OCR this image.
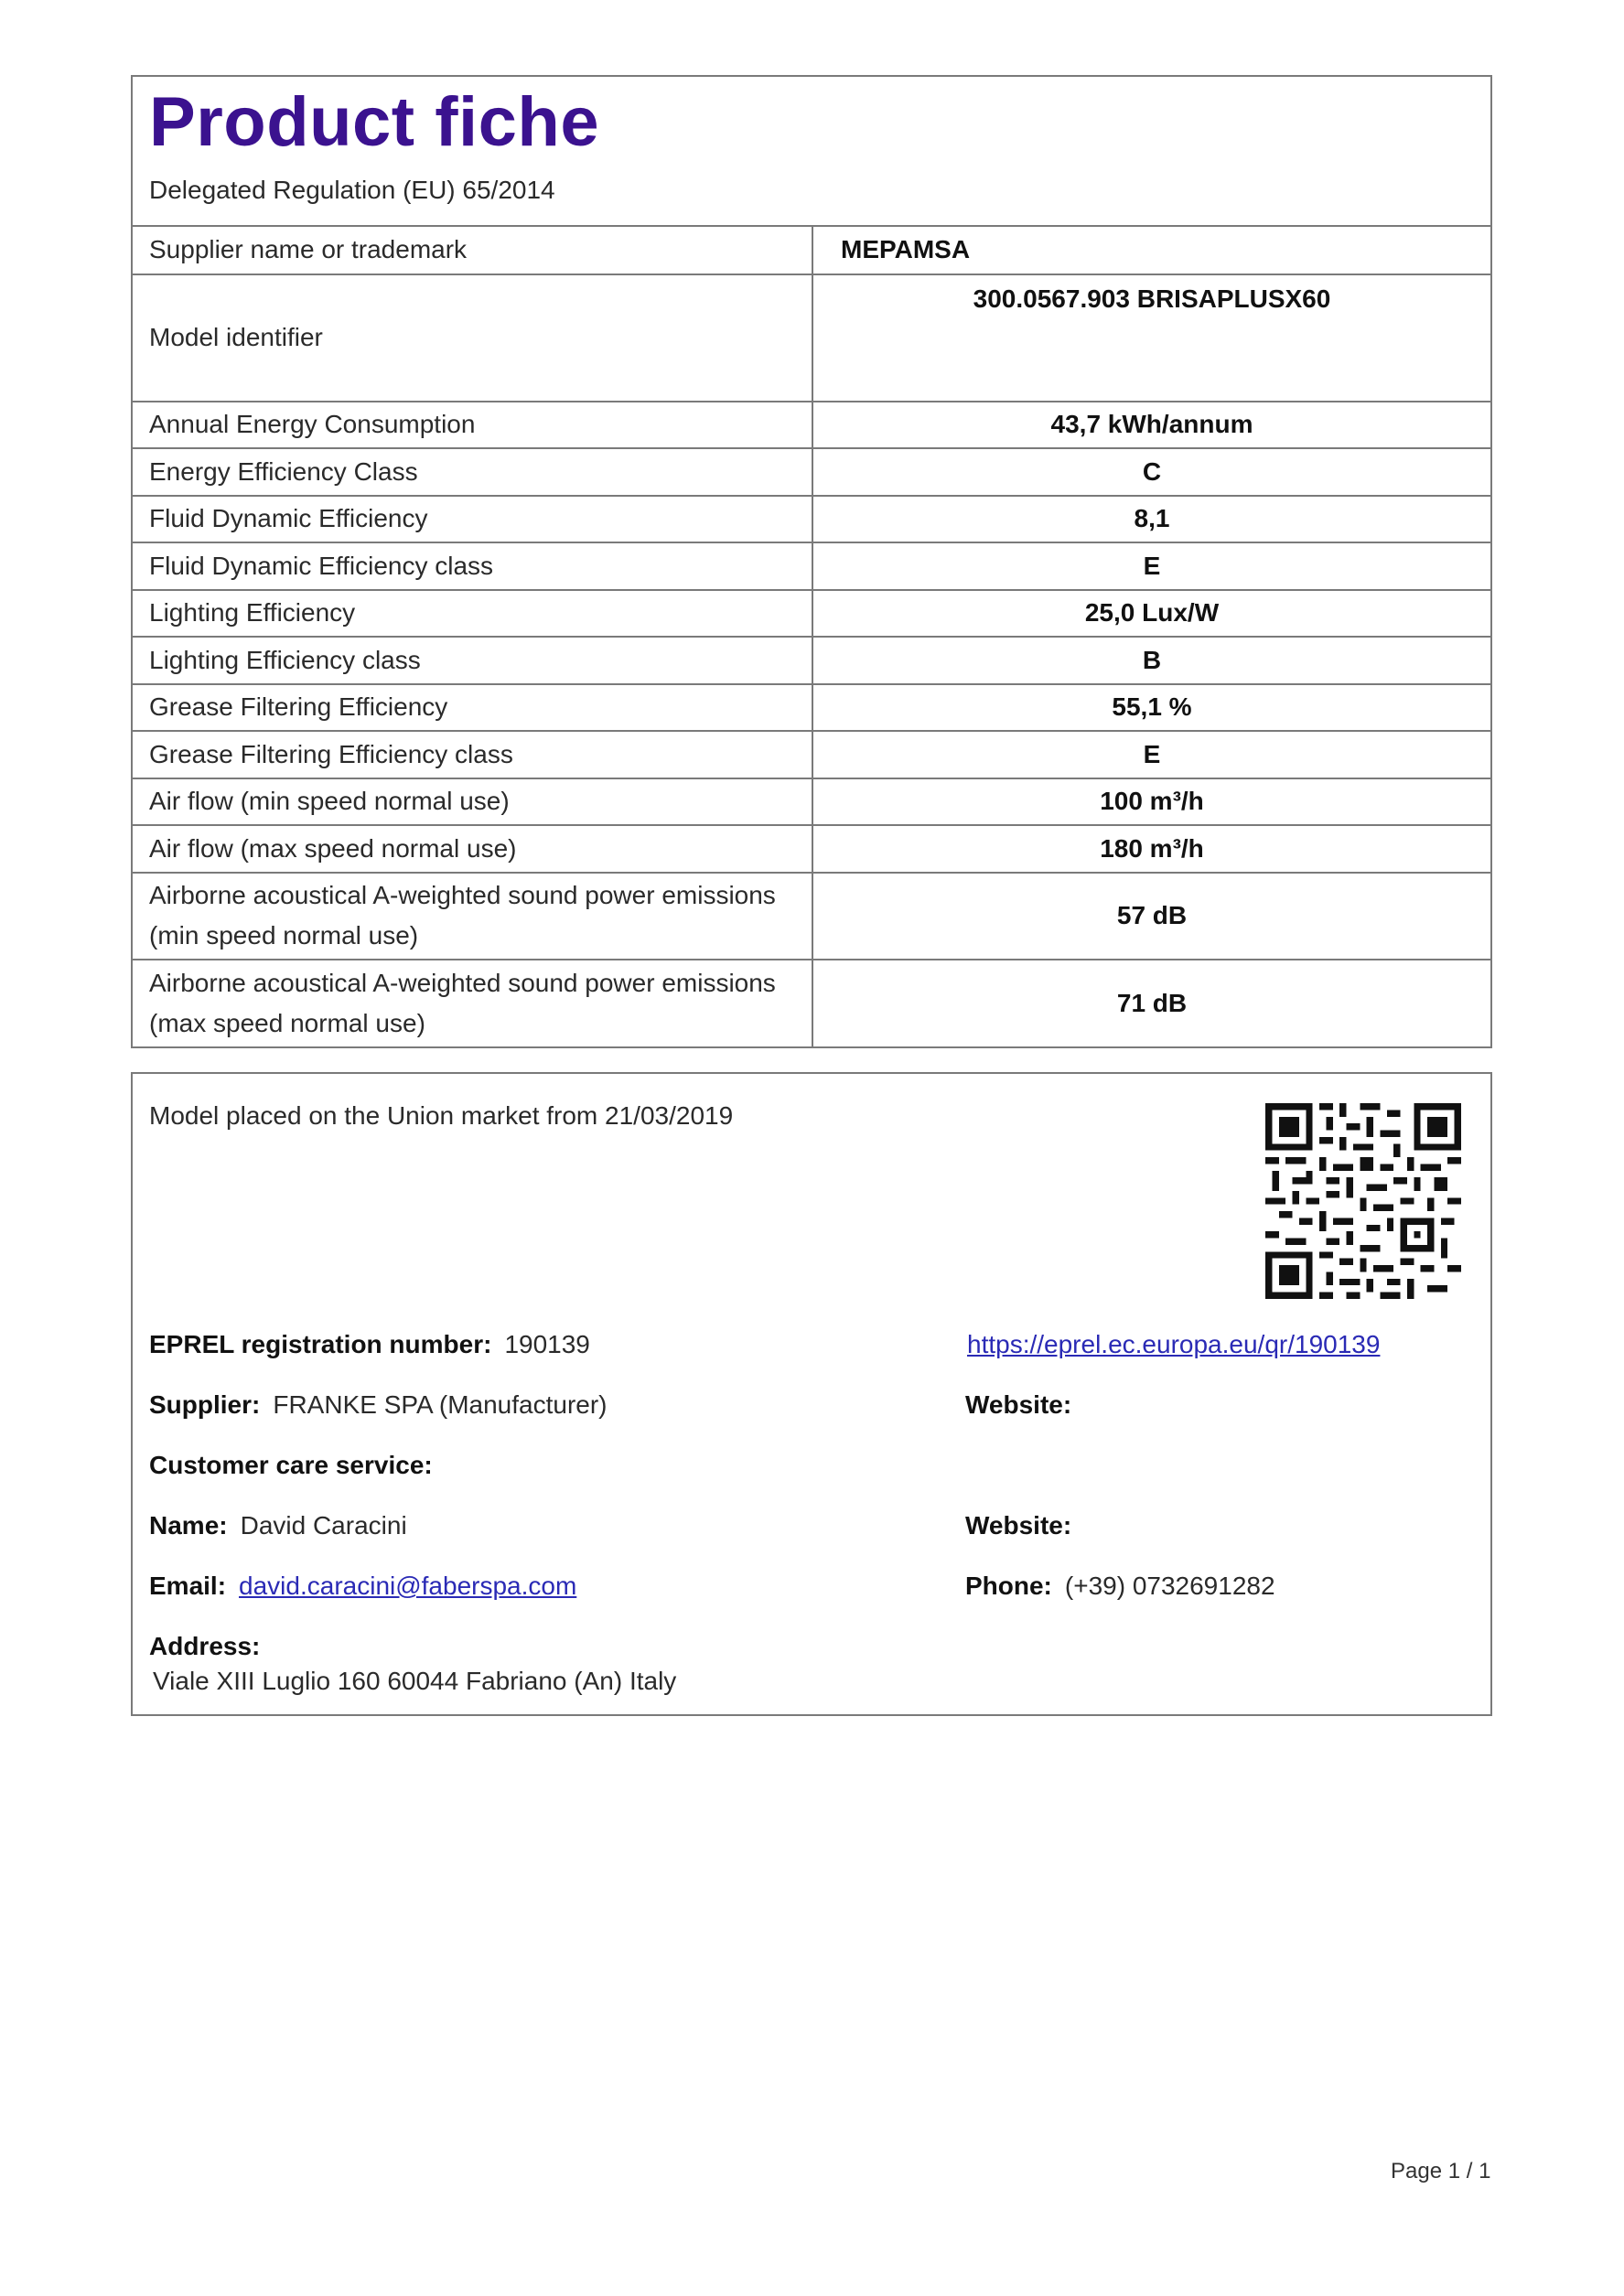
Product fiche
Delegated Regulation (EU) 65/2014
Supplier name or trademark	MEPAMSA
Model identifier	300.0567.903 BRISAPLUSX60
Annual Energy Consumption	43,7 kWh/annum
Energy Efficiency Class	C
Fluid Dynamic Efficiency	8,1
Fluid Dynamic Efficiency class	E
Lighting Efficiency	25,0 Lux/W
Lighting Efficiency class	B
Grease Filtering Efficiency	55,1 %
Grease Filtering Efficiency class	E
Air flow (min speed normal use)	100 m³/h
Air flow (max speed normal use)	180 m³/h

Airborne acoustical A-weighted sound power emissions
(min speed normal use)	57 dB

Airborne acoustical A-weighted sound power emissions
(max speed normal use)	71 dB
Model placed on the Union market from 21/03/2019
EPREL registration number: 190139	https://eprel.ec.europa.eu/qr/190139
Supplier: FRANKE SPA (Manufacturer)	Website:
Customer care service:
Name: David Caracini	Website:
Email: david.caracini@faberspa.com	Phone: (+39) 0732691282
Address:
Viale XIII Luglio 160 60044 Fabriano (An) Italy
Page 1 / 1
